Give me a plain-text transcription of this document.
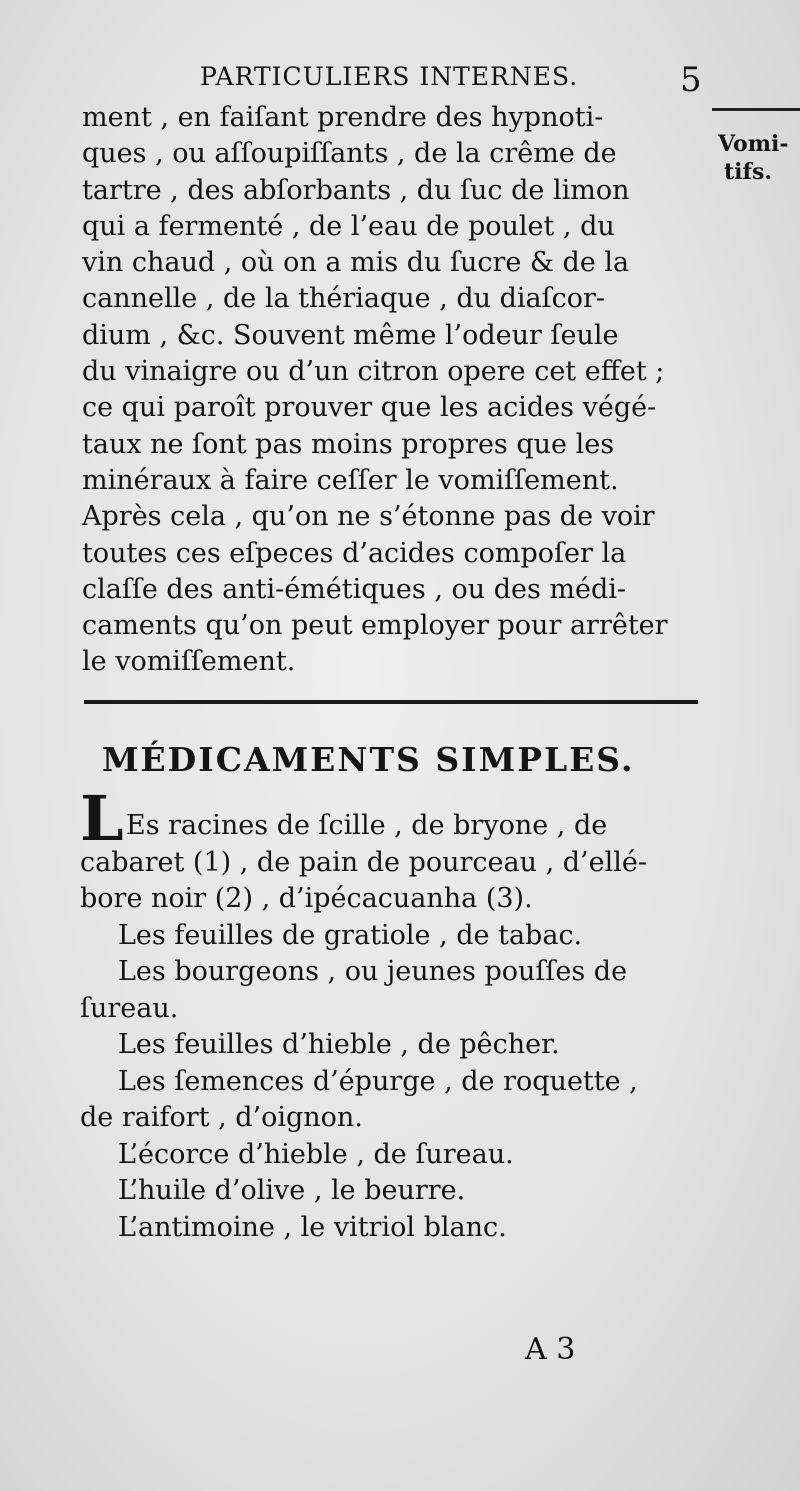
PARTICULIERS INTERNES.	5
Vomi-
tifs.
ment , en faiſant prendre des hypnoti-
ques , ou aſſoupiſſants , de la crême de
tartre , des abſorbants , du ſuc de limon
qui a fermenté , de l’eau de poulet , du
vin chaud , où on a mis du ſucre & de la
cannelle , de la thériaque , du diaſcor-
dium , &c. Souvent même l’odeur ſeule
du vinaigre ou d’un citron opere cet effet ;
ce qui paroît prouver que les acides végé-
taux ne ſont pas moins propres que les
minéraux à faire ceſſer le vomiſſement.
Après cela , qu’on ne s’étonne pas de voir
toutes ces eſpeces d’acides compoſer la
claſſe des anti-émétiques , ou des médi-
caments qu’on peut employer pour arrêter
le vomiſſement.
MÉDICAMENTS SIMPLES.
L Es racines de ſcille , de bryone , de
cabaret (1) , de pain de pourceau , d’ellé-
bore noir (2) , d’ipécacuanha (3).
Les feuilles de gratiole , de tabac.
Les bourgeons , ou jeunes pouſſes de
ſureau.
Les feuilles d’hieble , de pêcher.
Les ſemences d’épurge , de roquette ,
de raifort , d’oignon.
L’écorce d’hieble , de ſureau.
L’huile d’olive , le beurre.
L’antimoine , le vitriol blanc.
A 3
